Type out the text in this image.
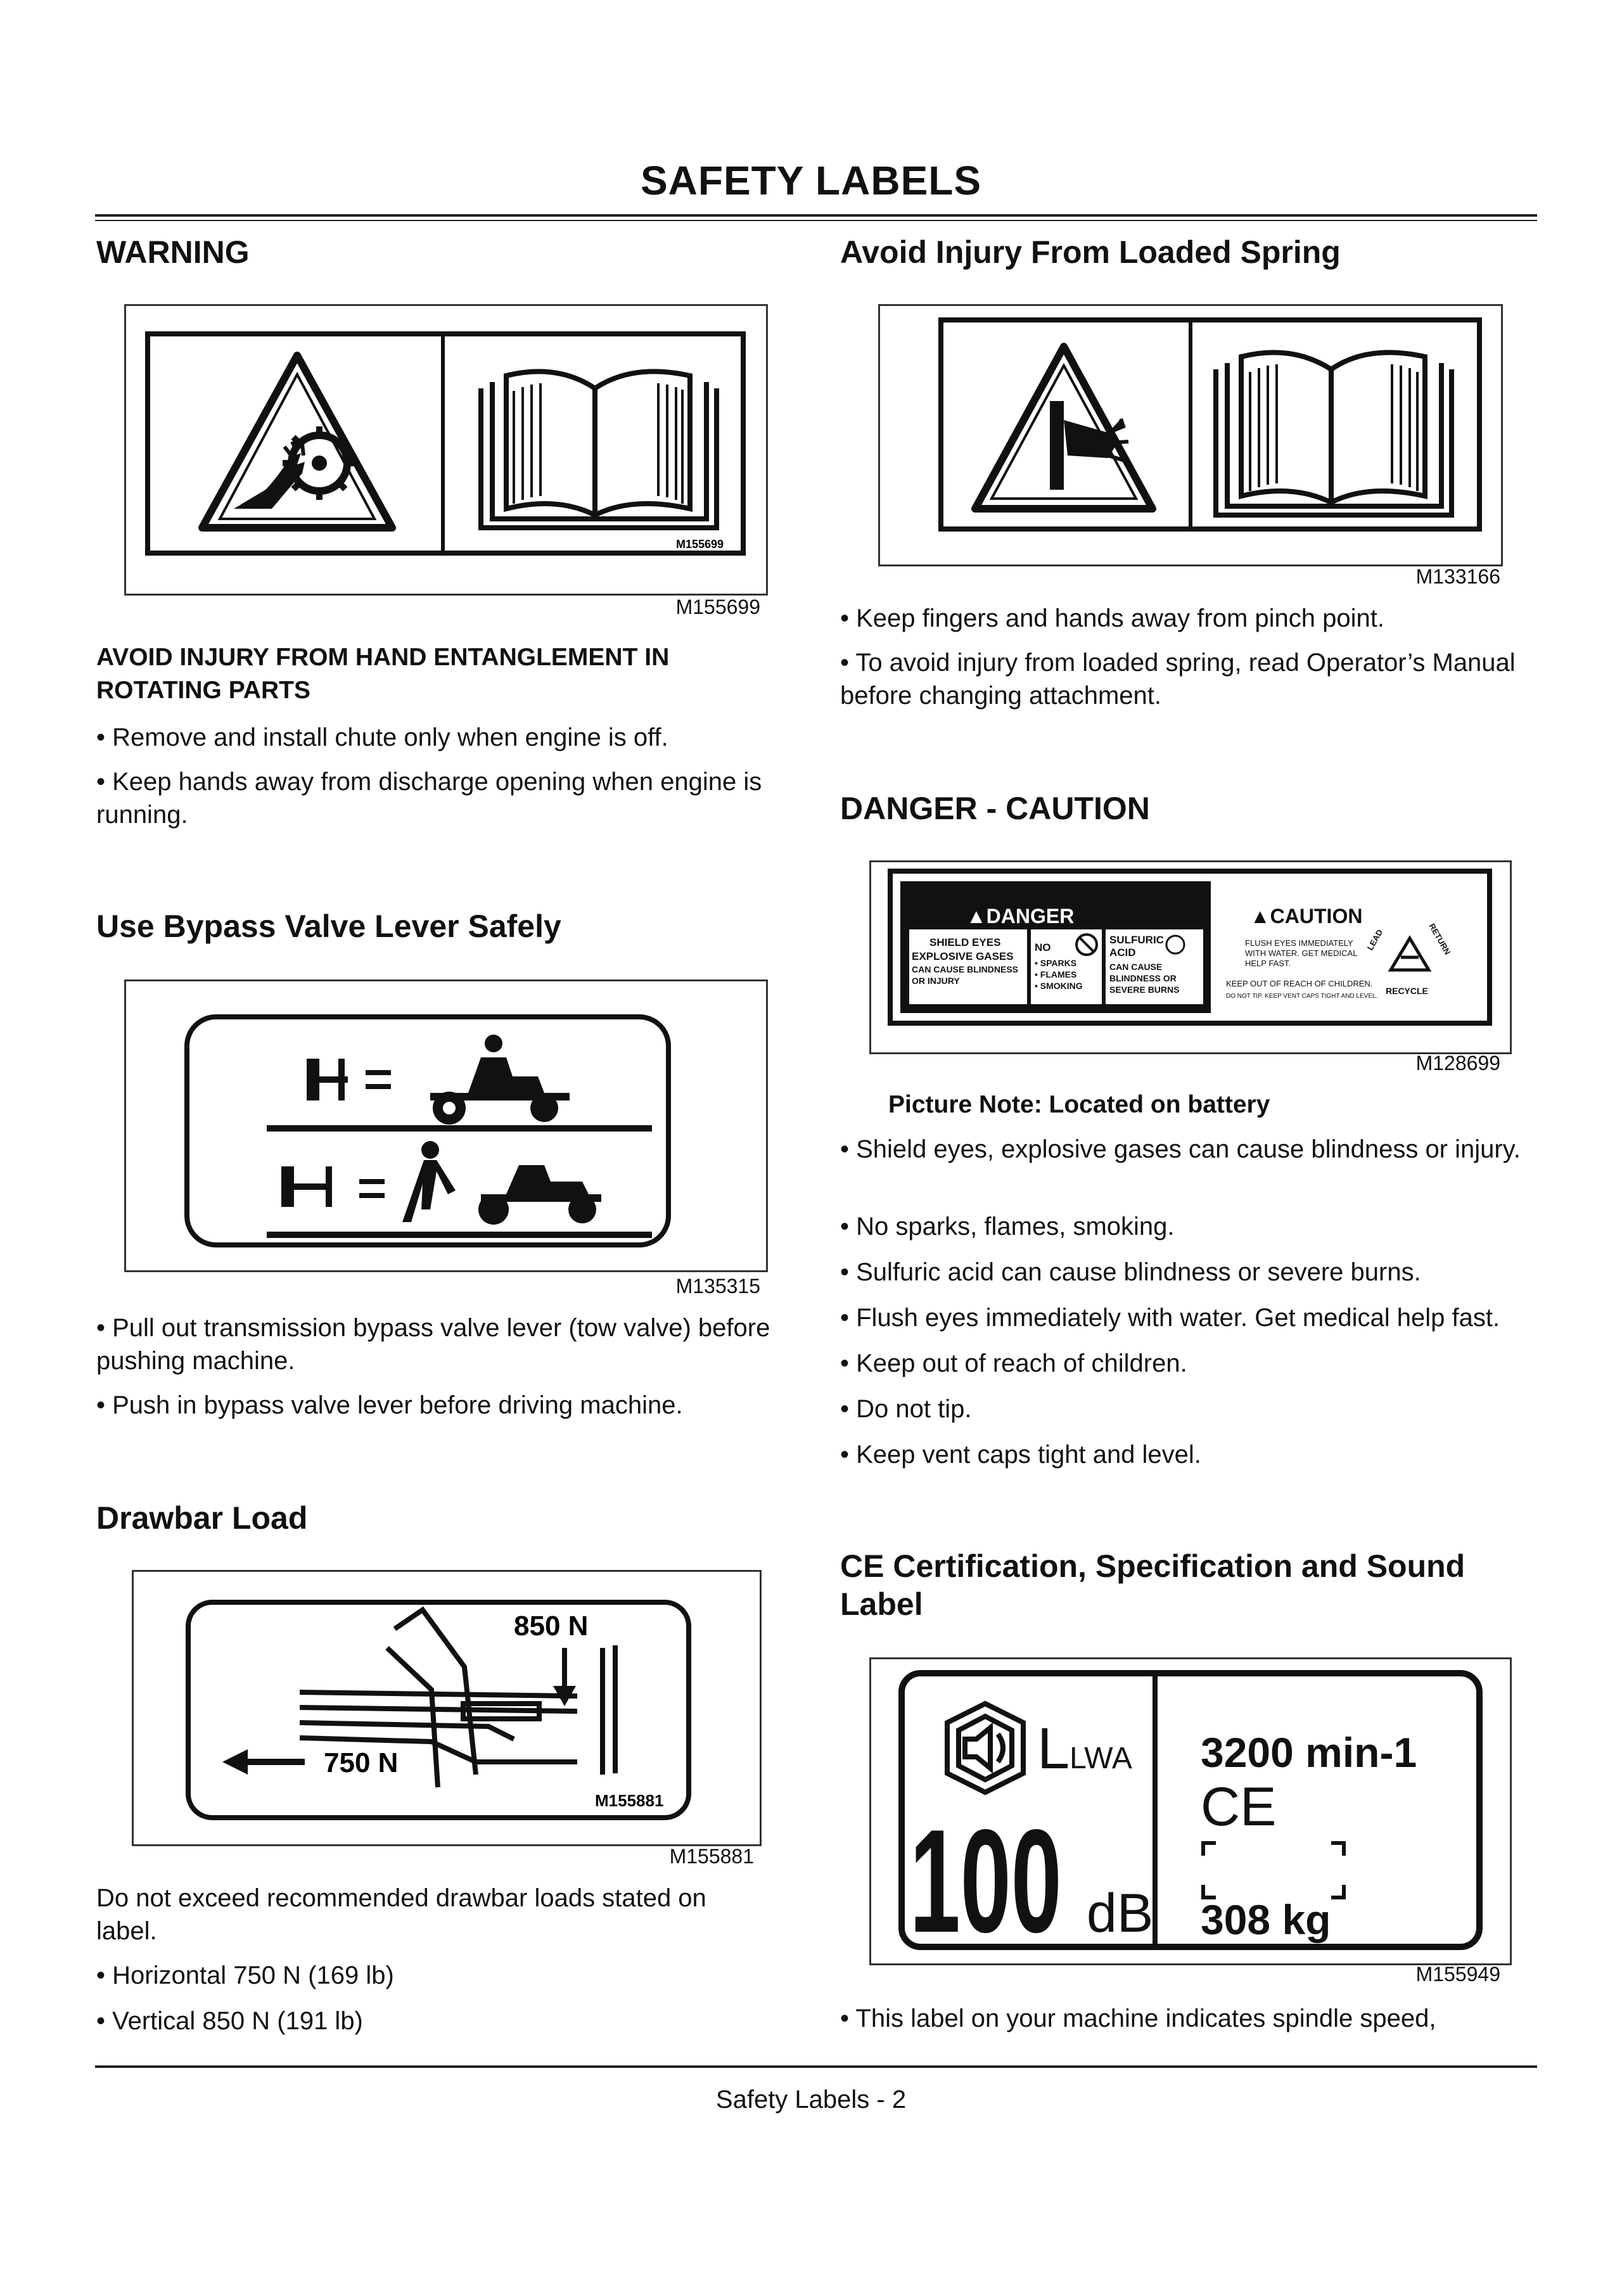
SAFETY LABELS
WARNING
M155699
M155699
AVOID INJURY FROM HAND ENTANGLEMENT IN ROTATING PARTS

• Remove and install chute only when engine is off.

• Keep hands away from discharge opening when engine is running.

Use Bypass Valve Lever Safely
M135315

• Pull out transmission bypass valve lever (tow valve) before pushing machine.

• Push in bypass valve lever before driving machine.

Drawbar Load
850 N
750 N
M155881
M155881

Do not exceed recommended drawbar loads stated on label.

• Horizontal 750 N (169 lb)

• Vertical 850 N (191 lb)

Avoid Injury From Loaded Spring
M133166

• Keep fingers and hands away from pinch point.

• To avoid injury from loaded spring, read Operator’s Manual before changing attachment.

DANGER - CAUTION
▲DANGER
SHIELD EYES
EXPLOSIVE GASES
CAN CAUSE BLINDNESS
OR INJURY
NO
• SPARKS
• FLAMES
• SMOKING
SULFURIC
ACID
CAN CAUSE
BLINDNESS OR
SEVERE BURNS
▲CAUTION
FLUSH EYES IMMEDIATELY
WITH WATER. GET MEDICAL
HELP FAST.
KEEP OUT OF REACH OF CHILDREN.
DO NOT TIP. KEEP VENT CAPS TIGHT AND LEVEL.
RECYCLE
LEAD	RETURN
M128699

Picture Note: Located on battery

• Shield eyes, explosive gases can cause blindness or injury.

• No sparks, flames, smoking.

• Sulfuric acid can cause blindness or severe burns.

• Flush eyes immediately with water. Get medical help fast.

• Keep out of reach of children.

• Do not tip.

• Keep vent caps tight and level.

CE Certification, Specification and Sound Label
LLWA
100 dB
3200 min-1
CE
308 kg
M155949

• This label on your machine indicates spindle speed,

Safety Labels - 2
